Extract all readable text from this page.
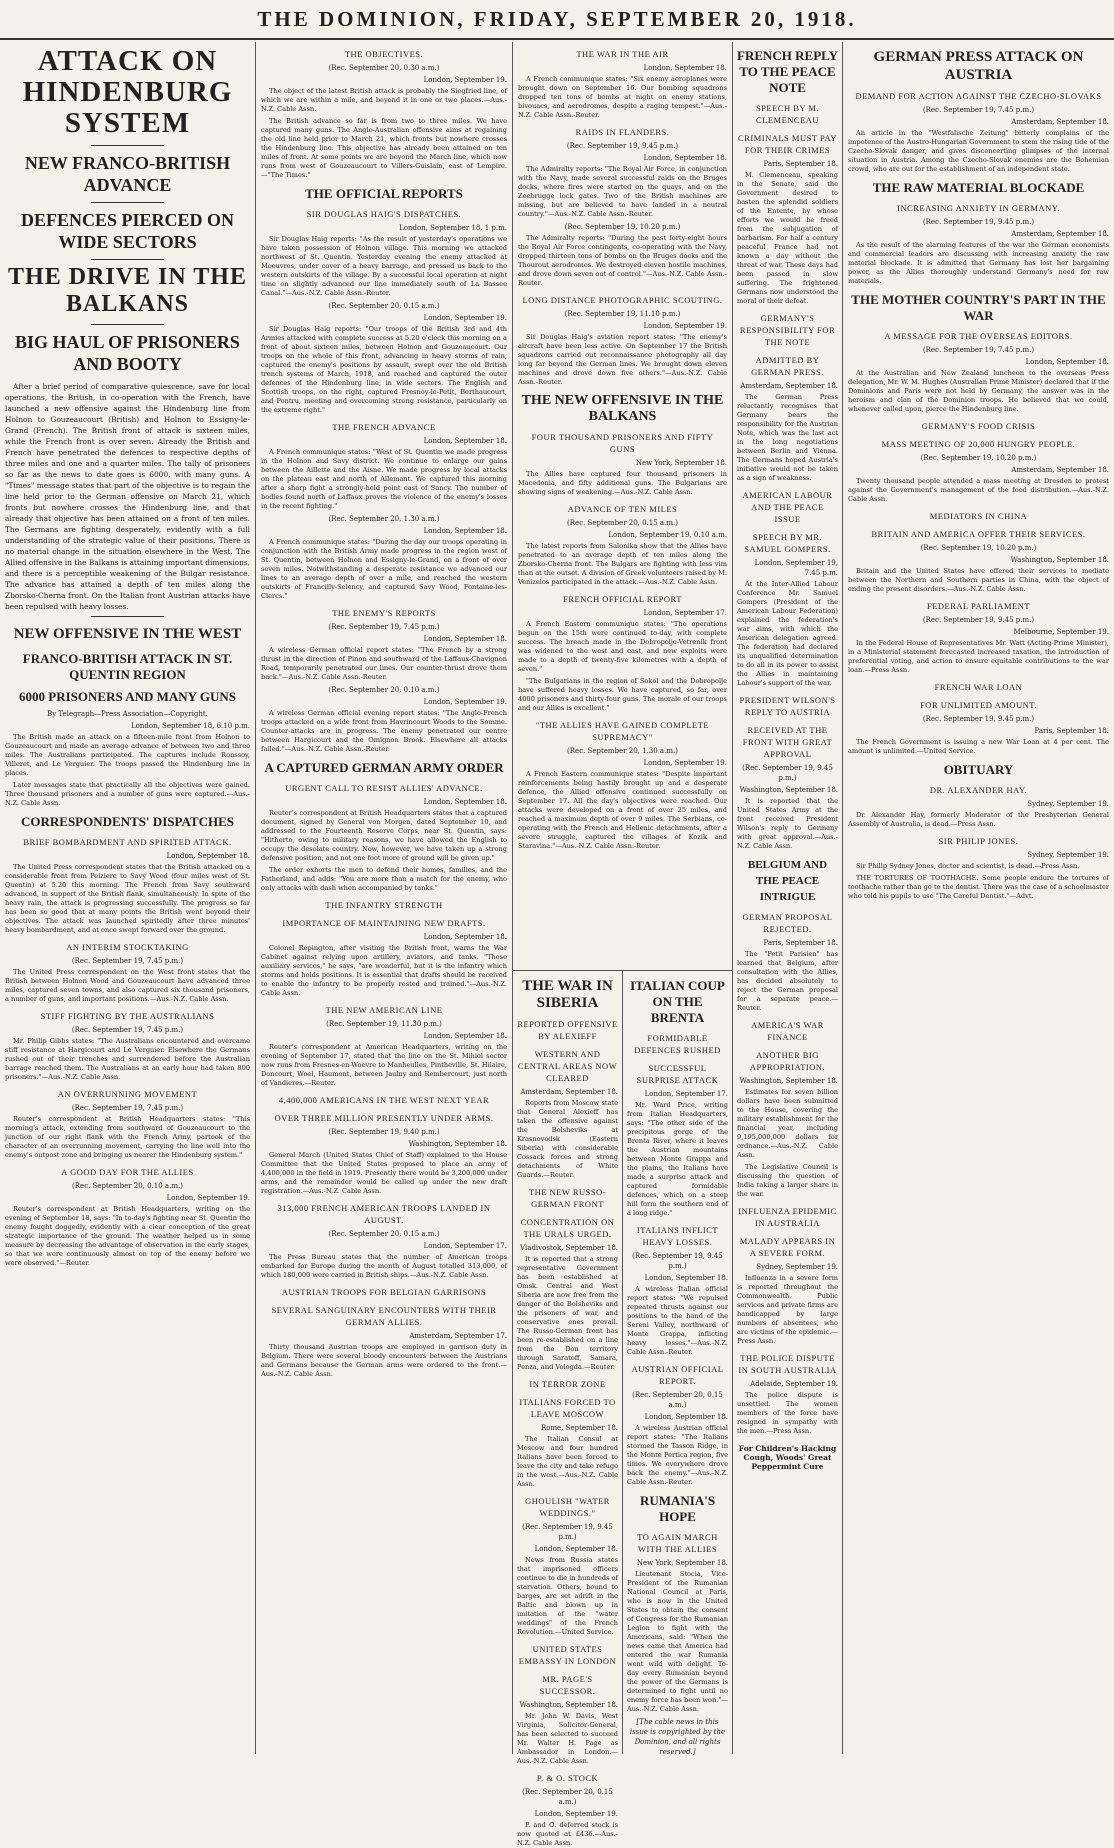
THE DOMINION, FRIDAY, SEPTEMBER 20, 1918.
ATTACK ON HINDENBURG SYSTEM
NEW FRANCO-BRITISH ADVANCE
DEFENCES PIERCED ON WIDE SECTORS
THE DRIVE IN THE BALKANS
BIG HAUL OF PRISONERS AND BOOTY
After a brief period of comparative quiescence, save for local operations, the British, in co-operation with the French, have launched a new offensive against the Hindenburg line from Holnon to Gouzeaucourt (British) and Holnon to Essigny-le-Grand (French). The British front of attack is sixteen miles, while the French front is over seven. Already the British and French have penetrated the defences to respective depths of three miles and one and a quarter miles. The tally of prisoners so far as the news to date goes is 6000, with many guns. A "Times" message states that part of the objective is to regain the line held prior to the German offensive on March 21, which fronts but nowhere crosses the Hindenburg line, and that already that objective has been attained on a front of ten miles. The Germans are fighting desperately, evidently with a full understanding of the strategic value of their positions. There is no material change in the situation elsewhere in the West. The Allied offensive in the Balkans is attaining important dimensions, and there is a perceptible weakening of the Bulgar resistance. The advance has attained a depth of ten miles along the Zborsko-Cherna front. On the Italian front Austrian attacks have been repulsed with heavy losses.
NEW OFFENSIVE IN THE WEST
FRANCO-BRITISH ATTACK IN ST. QUENTIN REGION
6000 PRISONERS AND MANY GUNS
By Telegraph—Press Association—Copyright.
London, September 18, 6.10 p.m.
The British made an attack on a fifteen-mile front from Holnon to Gouzeaucourt and made an average advance of between two and three miles. The Australians participated. The captures include Ronssoy, Villeret, and Le Verguier. The troops passed the Hindenburg line in places.
Later messages state that practically all the objectives were gained. Three thousand prisoners and a number of guns were captured.—Aus.-N.Z. Cable Assn.
CORRESPONDENTS' DISPATCHES
BRIEF BOMBARDMENT AND SPIRITED ATTACK.
London, September 18.
The United Press correspondent states that the British attacked on a considerable front from Peiziere to Savy Wood (four miles west of St. Quentin) at 5.20 this morning. The French from Savy southward advanced, in support of the British flank, simultaneously. In spite of the heavy rain, the attack is progressing successfully. The progress so far has been so good that at many points the British went beyond their objectives. The attack was launched spiritedly after three minutes' heavy bombardment, and at once swept forward over the ground.
AN INTERIM STOCKTAKING
(Rec. September 19, 7.45 p.m.)
The United Press correspondent on the West front states that the British between Holnon Wood and Gouzeaucourt have advanced three miles, captured seven towns, and also captured six thousand prisoners, a number of guns, and important positions.—Aus.-N.Z. Cable Assn.
STIFF FIGHTING BY THE AUSTRALIANS
(Rec. September 19, 7.45 p.m.)
Mr. Philip Gibbs states: "The Australians encountered and overcame stiff resistance at Hargicourt and Le Verguier. Elsewhere the Germans rushed out of their trenches and surrendered before the Australian barrage reached them. The Australians at an early hour had taken 800 prisoners."—Aus.-N.Z. Cable Assn.
AN OVERRUNNING MOVEMENT
(Rec. September 19, 7.45 p.m.)
Reuter's correspondent at British Headquarters states: "This morning's attack, extending from southward of Gouzeaucourt to the junction of our right flank with the French Army, partook of the character of an overrunning movement, carrying the line well into the enemy's outpost zone and bringing us nearer the Hindenburg system."
A GOOD DAY FOR THE ALLIES
(Rec. September 20, 0.10 a.m.)
London, September 19.
Reuter's correspondent at British Headquarters, writing on the evening of September 18, says: "In to-day's fighting near St. Quentin the enemy fought doggedly, evidently with a clear conception of the great strategic importance of the ground. The weather helped us in some measure by decreasing the advantage of observation in the early stages, so that we were continuously almost on top of the enemy before we were observed."—Reuter.
THE OBJECTIVES.
(Rec. September 20, 0.30 a.m.)
London, September 19.
The object of the latest British attack is probably the Siegfried line, of which we are within a mile, and beyond it in one or two places.—Aus.-N.Z. Cable Assn.
The British advance so far is from two to three miles. We have captured many guns. The Anglo-Australian offensive aims at regaining the old line held prior to March 21, which fronts but nowhere crosses the Hindenburg line. This objective has already been attained on ten miles of front. At some points we are beyond the March line, which now runs from west of Gouzeaucourt to Villers-Guislain, east of Lempire.—"The Times."
THE OFFICIAL REPORTS
SIR DOUGLAS HAIG'S DISPATCHES.
London, September 18, 1 p.m.
Sir Douglas Haig reports: "As the result of yesterday's operations we have taken possession of Holnon village. This morning we attacked northwest of St. Quentin. Yesterday evening the enemy attacked at Moeuvres, under cover of a heavy barrage, and pressed us back to the western outskirts of the village. By a successful local operation at night time on slightly advanced our line immediately south of La Bassee Canal."—Aus.-N.Z. Cable Assn.-Reuter.
(Rec. September 20, 0.15 a.m.)
London, September 19.
Sir Douglas Haig reports: "Our troops of the British 3rd and 4th Armies attacked with complete success at 5.20 o'clock this morning on a front of about sixteen miles, between Holnon and Gouzeaucourt. Our troops on the whole of this front, advancing in heavy storms of rain, captured the enemy's positions by assault, swept over the old British trench systems of March, 1918, and reached and captured the outer defences of the Hindenburg line, in wide sectors. The English and Scottish troops, on the right, captured Fresnoy-le-Petit, Berthaucourt, and Pontru, meeting and overcoming strong resistance, particularly on the extreme right."
THE FRENCH ADVANCE
London, September 18.
A French communique states: "West of St. Quentin we made progress in the Holnon and Savy district. We continue to enlarge our gains between the Aillette and the Aisne. We made progress by local attacks on the plateau east and north of Allemant. We captured this morning after a sharp fight a strongly-held point east of Sancy. The number of bodies found north of Laffaux proves the violence of the enemy's losses in the recent fighting."
(Rec. September 20, 1.30 a.m.)
London, September 18.
A French communique states: "During the day our troops operating in conjunction with the British Army made progress in the region west of St. Quentin, between Holnon and Essigny-le-Grand, on a front of over seven miles. Notwithstanding a desperate resistance we advanced our lines to an average depth of over a mile, and reached the western outskirts of Francilly-Selency, and captured Savy Wood, Fontaine-les-Clercs."
THE ENEMY'S REPORTS
(Rec. September 19, 7.45 p.m.)
London, September 18.
A wireless German official report states: "The French by a strong thrust in the direction of Pinon and southward of the Laffaux-Chavignon Road, temporarily penetrated our lines. Our counter-thrust drove them back."—Aus.-N.Z. Cable Assn.-Reuter.
(Rec. September 20, 0.10 a.m.)
London, September 19.
A wireless German official evening report states: "The Anglo-French troops attacked on a wide front from Havrincourt Woods to the Somme. Counter-attacks are in progress. The enemy penetrated our centre between Hargicourt and the Omignon Brook. Elsewhere all attacks failed."—Aus.-N.Z. Cable Assn.-Reuter.
A CAPTURED GERMAN ARMY ORDER
URGENT CALL TO RESIST ALLIES' ADVANCE.
London, September 18.
Reuter's correspondent at British Headquarters states that a captured document, signed by General von Morgen, dated September 10, and addressed to the Fourteenth Reserve Corps, near St. Quentin, says: "Hitherto, owing to military reasons, we have allowed the English to occupy the desolate country. Now, however, we have taken up a strong defensive position, and not one foot more of ground will be given up."
The order exhorts the men to defend their homes, families, and the Fatherland, and adds: "You are more than a match for the enemy, who only attacks with dash when accompanied by tanks."
THE INFANTRY STRENGTH
IMPORTANCE OF MAINTAINING NEW DRAFTS.
London, September 18.
Colonel Repington, after visiting the British front, warns the War Cabinet against relying upon artillery, aviators, and tanks. "These auxiliary services," he says, "are wonderful, but it is the infantry which storms and holds positions. It is essential that drafts should be received to enable the infantry to be properly rested and trained."—Aus.-N.Z. Cable Assn.
THE NEW AMERICAN LINE
(Rec. September 19, 11.30 p.m.)
London, September 18.
Reuter's correspondent at American Headquarters, writing on the evening of September 17, stated that the line on the St. Mihiel sector now runs from Fresnes-en-Woevre to Manheulles, Pintheville, St. Hilaire, Doncourt, Woel, Haumont, between Jaulny and Rembercourt, just north of Vandieres.—Reuter.
4,400,000 AMERICANS IN THE WEST NEXT YEAR
OVER THREE MILLION PRESENTLY UNDER ARMS.
(Rec. September 19, 9.40 p.m.)
Washington, September 18.
General March (United States Chief of Staff) explained to the House Committee that the United States proposed to place an army of 4,400,000 in the field in 1919. Presently there would be 3,200,000 under arms, and the remainder would be called up under the new draft registration.—Aus.-N.Z. Cable Assn.
313,000 FRENCH AMERICAN TROOPS LANDED IN AUGUST.
(Rec. September 20, 0.15 a.m.)
London, September 17.
The Press Bureau states that the number of American troops embarked for Europe during the month of August totalled 313,000, of which 180,000 were carried in British ships.—Aus.-N.Z. Cable Assn.
AUSTRIAN TROOPS FOR BELGIAN GARRISONS
SEVERAL SANGUINARY ENCOUNTERS WITH THEIR GERMAN ALLIES.
Amsterdam, September 17.
Thirty thousand Austrian troops are employed in garrison duty in Belgium. There were several bloody encounters between the Austrians and Germans because the German arms were ordered to the front.—Aus.-N.Z. Cable Assn.
THE WAR IN THE AIR
London, September 18.
A French communique states: "Six enemy aeroplanes were brought down on September 16. Our bombing squadrons dropped ten tons of bombs at night on enemy stations, bivouacs, and aerodromes, despite a raging tempest."—Aus.-N.Z. Cable Assn.-Reuter.
RAIDS IN FLANDERS.
(Rec. September 19, 9.45 p.m.)
London, September 18.
The Admiralty reports: "The Royal Air Force, in conjunction with the Navy, made several successful raids on the Bruges docks, where fires were started on the quays, and on the Zeebrugge lock gates. Two of the British machines are missing, but are believed to have landed in a neutral country."—Aus.-N.Z. Cable Assn.-Reuter.
(Rec. September 19, 10.20 p.m.)
The Admiralty reports: "During the past forty-eight hours the Royal Air Force contingents, co-operating with the Navy, dropped thirteen tons of bombs on the Bruges docks and the Thourout aerodromes. We destroyed eleven hostile machines, and drove down seven out of control."—Aus.-N.Z. Cable Assn.-Reuter.
LONG DISTANCE PHOTOGRAPHIC SCOUTING.
(Rec. September 19, 11.10 p.m.)
London, September 19.
Sir Douglas Haig's aviation report states: "The enemy's aircraft have been less active. On September 17 the British squadrons carried out reconnaissance photography all day long far beyond the German lines. We brought down eleven machines and drove down five others."—Aus.-N.Z. Cable Assn.-Reuter.
THE NEW OFFENSIVE IN THE BALKANS
FOUR THOUSAND PRISONERS AND FIFTY GUNS
New York, September 18.
The Allies have captured four thousand prisoners in Macedonia, and fifty additional guns. The Bulgarians are showing signs of weakening.—Aus.-N.Z. Cable Assn.
ADVANCE OF TEN MILES
(Rec. September 20, 0.15 a.m.)
London, September 19, 0.10 a.m.
The latest reports from Salonika show that the Allies have penetrated to an average depth of ten miles along the Zborsko-Cherna front. The Bulgars are fighting with less vim than at the outset. A division of Greek volunteers raised by M. Venizelos participated in the attack.—Aus.-N.Z. Cable Assn.
FRENCH OFFICIAL REPORT
London, September 17.
A French Eastern communique states: "The operations begun on the 15th were continued to-day, with complete success. The breach made in the Dobropolje-Vetrenik front was widened to the west and east, and new exploits were made to a depth of twenty-five kilometres with a depth of seven."
"The Bulgarians in the region of Sokol and the Dobropolje have suffered heavy losses. We have captured, so far, over 4000 prisoners and thirty-four guns. The morale of our troops and our Allies is excellent."
"THE ALLIES HAVE GAINED COMPLETE SUPREMACY"
(Rec. September 20, 1.30 a.m.)
London, September 19.
A French Eastern communique states: "Despite important reinforcements being hastily brought up and a desperate defence, the Allied offensive continued successfully on September 17. All the day's objectives were reached. Our attacks were developed on a front of over 25 miles, and reached a maximum depth of over 9 miles. The Serbians, co-operating with the French and Hellenic detachments, after a severe struggle, captured the villages of Kozik and Staravina."—Aus.-N.Z. Cable Assn.-Reuter.
THE WAR IN SIBERIA
REPORTED OFFENSIVE BY ALEXIEFF
WESTERN AND CENTRAL AREAS NOW CLEARED
Amsterdam, September 18.
Reports from Moscow state that General Alexieff has taken the offensive against the Bolsheviks at Krasnovodsk (Eastern Siberia) with considerable Cossack forces and strong detachments of White Guards.—Reuter.
THE NEW RUSSO-GERMAN FRONT
CONCENTRATION ON THE URALS URGED.
Vladivostok, September 18.
It is reported that a strong representative Government has been established at Omsk. Central and West Siberia are now free from the danger of the Bolsheviks and the prisoners of war, and conservative ones prevail. The Russo-German front has been re-established on a line from the Don territory through Saratoff, Samara, Penza, and Vologda.—Reuter.
IN TERROR ZONE
ITALIANS FORCED TO LEAVE MOSCOW
Rome, September 18.
The Italian Consul at Moscow and four hundred Italians have been forced to leave the city and take refuge in the west.—Aus.-N.Z. Cable Assn.
GHOULISH "WATER WEDDINGS."
(Rec. September 19, 9.45 p.m.)
London, September 18.
News from Russia states that imprisoned officers continue to die in hundreds of starvation. Others, bound to barges, are set adrift in the Baltic and blown up in imitation of the "water weddings" of the French Revolution.—United Service.
UNITED STATES EMBASSY IN LONDON
MR. PAGE'S SUCCESSOR.
Washington, September 18.
Mr. John W. Davis, West Virginia, Solicitor-General, has been selected to succeed Mr. Walter H. Page as Ambassador in London.—Aus.-N.Z. Cable Assn.
P. & O. STOCK
(Rec. September 20, 0.15 a.m.)
London, September 19.
P. and O. deferred stock is now quoted at £436.—Aus.-N.Z. Cable Assn.
ITALIAN COUP ON THE BRENTA
FORMIDABLE DEFENCES RUSHED
SUCCESSFUL SURPRISE ATTACK
London, September 17.
Mr. Ward Price, writing from Italian Headquarters, says: "The other side of the precipitous gorge of the Brenta River, where it leaves the Austrian mountains between Monte Grappa and the plains, the Italians have made a surprise attack and captured formidable defences, which on a steep hill form the southern end of a long ridge."
ITALIANS INFLICT HEAVY LOSSES.
(Rec. September 19, 9.45 p.m.)
London, September 18.
A wireless Italian official report states: "We repulsed repeated thrusts against our positions to the hand of the Sereni Valley, northward of Monte Grappa, inflicting heavy losses."—Aus.-N.Z. Cable Assn.-Reuter.
AUSTRIAN OFFICIAL REPORT.
(Rec. September 20, 0.15 a.m.)
London, September 18.
A wireless Austrian official report states: "The Italians stormed the Tasson Ridge, in the Monte Pertica region, five times. We everywhere drove back the enemy."—Aus.-N.Z. Cable Assn.-Reuter.
RUMANIA'S HOPE
TO AGAIN MARCH WITH THE ALLIES
New York, September 18.
Lieutenant Stocia, Vice-President of the Rumanian National Council at Paris, who is now in the United States to obtain the consent of Congress for the Rumanian Legion to fight with the Americans, said: "When the news came that America had entered the war Rumania went wild with delight. To-day every Rumanian beyond the power of the Germans is determined to fight until no enemy force has been won."—Aus.-N.Z. Cable Assn.
[The cable news in this issue is copyrighted by the Dominion, and all rights reserved.]
FRENCH REPLY TO THE PEACE NOTE
SPEECH BY M. CLEMENCEAU
CRIMINALS MUST PAY FOR THEIR CRIMES
Paris, September 18.
M. Clemenceau, speaking in the Senate, said the Government desired to hasten the splendid soldiers of the Entente, by whose efforts we would be freed from the subjugation of barbarism. For half a century peaceful France had not known a day without the threat of war. These days had been passed in slow suffering. The frightened Germans now understood the moral of their defeat.
GERMANY'S RESPONSIBILITY FOR THE NOTE
ADMITTED BY GERMAN PRESS.
Amsterdam, September 18.
The German Press reluctantly recognises that Germany bears the responsibility for the Austrian Note, which was the last act in the long negotiations between Berlin and Vienna. The Germans hoped Austria's initiative would not be taken as a sign of weakness.
AMERICAN LABOUR AND THE PEACE ISSUE
SPEECH BY MR. SAMUEL GOMPERS.
London, September 19, 7.45 p.m.
At the Inter-Allied Labour Conference Mr. Samuel Gompers (President of the American Labour Federation) explained the federation's war aims, with which the American delegation agreed. The federation had declared its unqualified determination to do all in its power to assist the Allies in maintaining Labour's support of the war.
PRESIDENT WILSON'S REPLY TO AUSTRIA
RECEIVED AT THE FRONT WITH GREAT APPROVAL
(Rec. September 19, 9.45 p.m.)
Washington, September 18.
It is reported that the United States Army at the front received President Wilson's reply to Germany with great approval.—Aus.-N.Z. Cable Assn.
BELGIUM AND THE PEACE INTRIGUE
GERMAN PROPOSAL REJECTED.
Paris, September 18.
The "Petit Parisien" has learned that Belgium, after consultation with the Allies, has decided absolutely to reject the German proposal for a separate peace.—Reuter.
AMERICA'S WAR FINANCE
ANOTHER BIG APPROPRIATION.
Washington, September 18.
Estimates for seven billion dollars have been submitted to the House, covering the military establishment for the financial year, including 9,195,000,000 dollars for ordnance.—Aus.-N.Z. Cable Assn.
The Legislative Council is discussing the question of India taking a larger share in the war.
INFLUENZA EPIDEMIC IN AUSTRALIA
MALADY APPEARS IN A SEVERE FORM.
Sydney, September 19.
Influenza in a severe form is reported throughout the Commonwealth. Public services and private firms are handicapped by large numbers of absentees, who are victims of the epidemic.—Press Assn.
THE POLICE DISPUTE IN SOUTH AUSTRALIA
Adelaide, September 19.
The police dispute is unsettled. The women members of the force have resigned in sympathy with the men.—Press Assn.
For Children's Hacking Cough, Woods' Great Peppermint Cure
GERMAN PRESS ATTACK ON AUSTRIA
DEMAND FOR ACTION AGAINST THE CZECHO-SLOVAKS
(Rec. September 19, 7.45 p.m.)
Amsterdam, September 18.
An article in the "Westfalische Zeitung" bitterly complains of the impotence of the Austro-Hungarian Government to stem the rising tide of the Czecho-Slovak danger, and gives disconcerting glimpses of the internal situation in Austria. Among the Czecho-Slovak enemies are the Bohemian crowd, who are out for the establishment of an independent state.
THE RAW MATERIAL BLOCKADE
INCREASING ANXIETY IN GERMANY.
(Rec. September 19, 9.45 p.m.)
Amsterdam, September 18.
As the result of the alarming features of the war the German economists and commercial leaders are discussing with increasing anxiety the raw material blockade. It is admitted that Germany has lost her bargaining power, as the Allies thoroughly understand Germany's need for raw materials.
THE MOTHER COUNTRY'S PART IN THE WAR
A MESSAGE FOR THE OVERSEAS EDITORS.
(Rec. September 19, 7.45 p.m.)
London, September 18.
At the Australian and New Zealand luncheon to the overseas Press delegation, Mr. W. M. Hughes (Australian Prime Minister) declared that if the Dominions and Paris were not held by Germany, the answer was in the heroism and clan of the Dominion troops. He believed that we could, whenever called upon, pierce the Hindenburg line.
GERMANY'S FOOD CRISIS
MASS MEETING OF 20,000 HUNGRY PEOPLE.
(Rec. September 19, 10.20 p.m.)
Amsterdam, September 18.
Twenty thousand people attended a mass meeting at Dresden to protest against the Government's management of the food distribution.—Aus.-N.Z. Cable Assn.
MEDIATORS IN CHINA
BRITAIN AND AMERICA OFFER THEIR SERVICES.
(Rec. September 19, 10.20 p.m.)
Washington, September 18.
Britain and the United States have offered their services to mediate between the Northern and Southern parties in China, with the object of ending the present disorders.—Aus.-N.Z. Cable Assn.
FEDERAL PARLIAMENT
(Rec. September 19, 9.45 p.m.)
Melbourne, September 19.
In the Federal House of Representatives Mr. Watt (Acting-Prime Minister), in a Ministerial statement forecasted increased taxation, the introduction of preferential voting, and action to ensure equitable contributions to the war loan.—Press Assn.
FRENCH WAR LOAN
FOR UNLIMITED AMOUNT.
(Rec. September 19, 9.45 p.m.)
Paris, September 18.
The French Government is issuing a new War Loan at 4 per cent. The amount is unlimited.—United Service.
OBITUARY
DR. ALEXANDER HAY.
Sydney, September 19.
Dr. Alexander Hay, formerly Moderator of the Presbyterian General Assembly of Australia, is dead.—Press Assn.
SIR PHILIP JONES.
Sydney, September 19.
Sir Philip Sydney Jones, doctor and scientist, is dead.—Press Assn.
THE TORTURES OF TOOTHACHE. Some people endure the tortures of toothache rather than go to the dentist. There was the case of a schoolmaster who told his pupils to use "The Careful Dentist."—Advt.
